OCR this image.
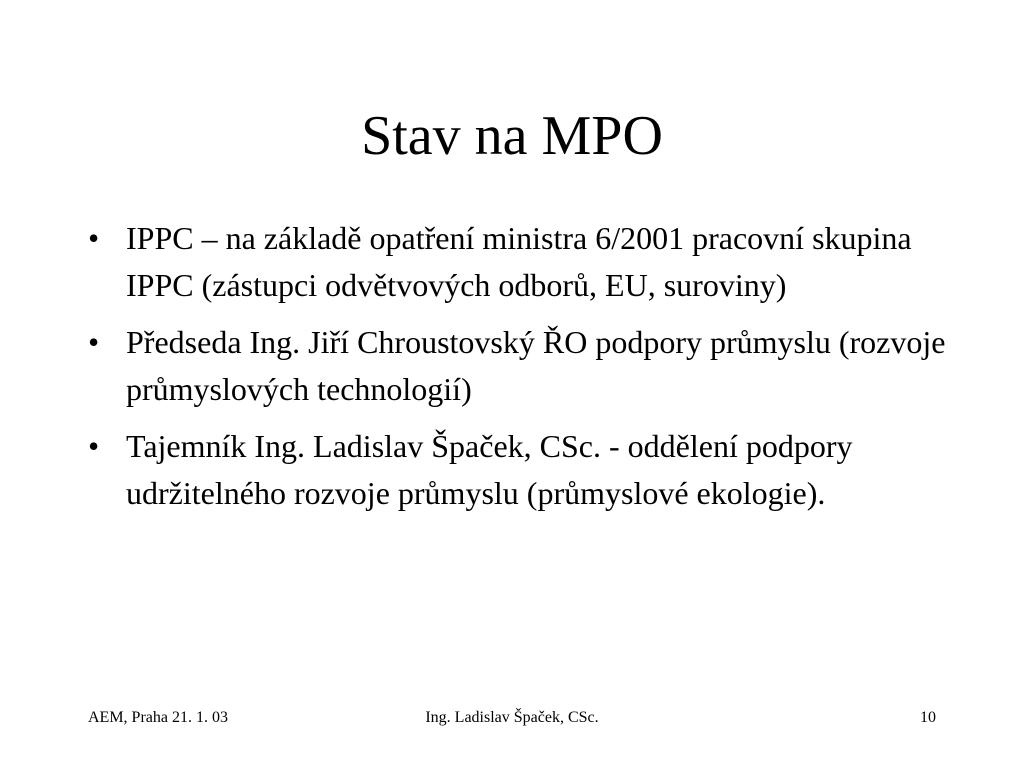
Stav na MPO
• IPPC – na základě opatření ministra 6/2001 pracovní skupina IPPC (zástupci odvětvových odborů, EU, suroviny)
• Předseda Ing. Jiří Chroustovský ŘO podpory průmyslu (rozvoje průmyslových technologií)
• Tajemník Ing. Ladislav Špaček, CSc. - oddělení podpory udržitelného rozvoje průmyslu (průmyslové ekologie).
AEM, Praha 21. 1. 03	Ing. Ladislav Špaček, CSc.	10
